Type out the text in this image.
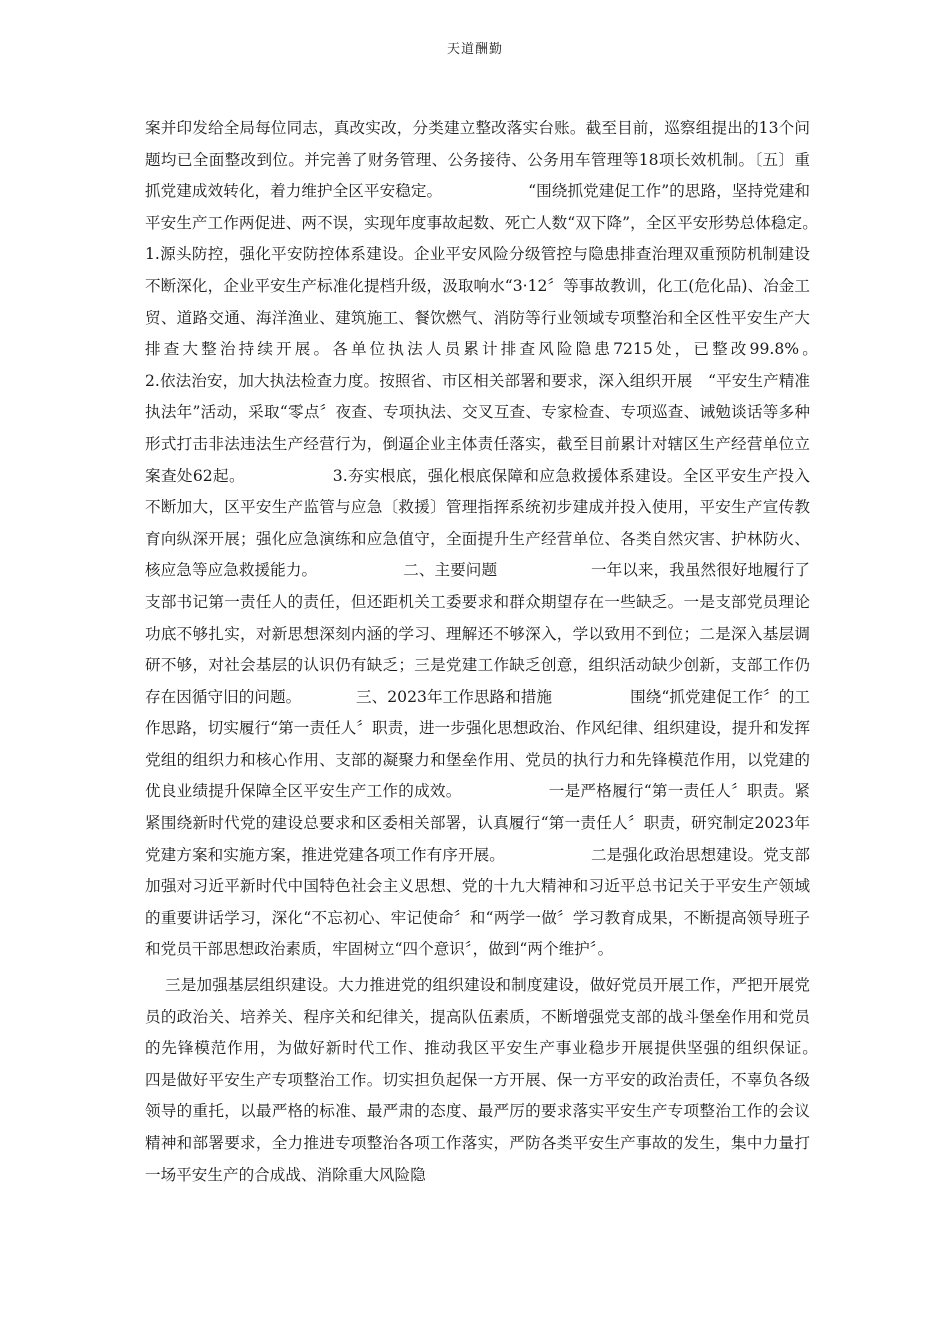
天道酬勤

案并印发给全局每位同志，真改实改，分类建立整改落实台账。截至目前，巡察组提出的13个问题均已全面整改到位。并完善了财务管理、公务接待、公务用车管理等18项长效机制。〔五〕重抓党建成效转化，着力维护全区平安稳定。　　　　　　“围绕抓党建促工作”的思路，坚持党建和平安生产工作两促进、两不误，实现年度事故起数、死亡人数“双下降”，全区平安形势总体稳定。　　　　　　1.源头防控，强化平安防控体系建设。企业平安风险分级管控与隐患排查治理双重预防机制建设不断深化，企业平安生产标准化提档升级，汲取响水“3·12〞等事故教训，化工(危化品)、冶金工贸、道路交通、海洋渔业、建筑施工、餐饮燃气、消防等行业领域专项整治和全区性平安生产大排查大整治持续开展。各单位执法人员累计排查风险隐患7215处，已整改99.8%。　　　　　　2.依法治安，加大执法检查力度。按照省、市区相关部署和要求，深入组织开展　“平安生产精准执法年”活动，采取“零点〞夜查、专项执法、交叉互查、专家检查、专项巡查、诫勉谈话等多种形式打击非法违法生产经营行为，倒逼企业主体责任落实，截至目前累计对辖区生产经营单位立案查处62起。　　　　　　3.夯实根底，强化根底保障和应急救援体系建设。全区平安生产投入不断加大，区平安生产监管与应急〔救援〕管理指挥系统初步建成并投入使用，平安生产宣传教育向纵深开展；强化应急演练和应急值守，全面提升生产经营单位、各类自然灾害、护林防火、核应急等应急救援能力。　　　　　　二、主要问题　　　　　　一年以来，我虽然很好地履行了支部书记第一责任人的责任，但还距机关工委要求和群众期望存在一些缺乏。一是支部党员理论功底不够扎实，对新思想深刻内涵的学习、理解还不够深入，学以致用不到位；二是深入基层调研不够，对社会基层的认识仍有缺乏；三是党建工作缺乏创意，组织活动缺少创新，支部工作仍存在因循守旧的问题。　　　　三、2023年工作思路和措施　　　　　围绕“抓党建促工作〞的工作思路，切实履行“第一责任人〞职责，进一步强化思想政治、作风纪律、组织建设，提升和发挥党组的组织力和核心作用、支部的凝聚力和堡垒作用、党员的执行力和先锋模范作用，以党建的优良业绩提升保障全区平安生产工作的成效。　　　　　　一是严格履行“第一责任人〞职责。紧紧围绕新时代党的建设总要求和区委相关部署，认真履行“第一责任人〞职责，研究制定2023年党建方案和实施方案，推进党建各项工作有序开展。　　　　　　二是强化政治思想建设。党支部加强对习近平新时代中国特色社会主义思想、党的十九大精神和习近平总书记关于平安生产领域的重要讲话学习，深化“不忘初心、牢记使命〞和“两学一做〞学习教育成果，不断提高领导班子和党员干部思想政治素质，牢固树立“四个意识〞，做到“两个维护〞。

三是加强基层组织建设。大力推进党的组织建设和制度建设，做好党员开展工作，严把开展党员的政治关、培养关、程序关和纪律关，提高队伍素质，不断增强党支部的战斗堡垒作用和党员的先锋模范作用，为做好新时代工作、推动我区平安生产事业稳步开展提供坚强的组织保证。　　　　　　四是做好平安生产专项整治工作。切实担负起保一方开展、保一方平安的政治责任，不辜负各级领导的重托，以最严格的标准、最严肃的态度、最严厉的要求落实平安生产专项整治工作的会议精神和部署要求，全力推进专项整治各项工作落实，严防各类平安生产事故的发生，集中力量打一场平安生产的合成战、消除重大风险隐
